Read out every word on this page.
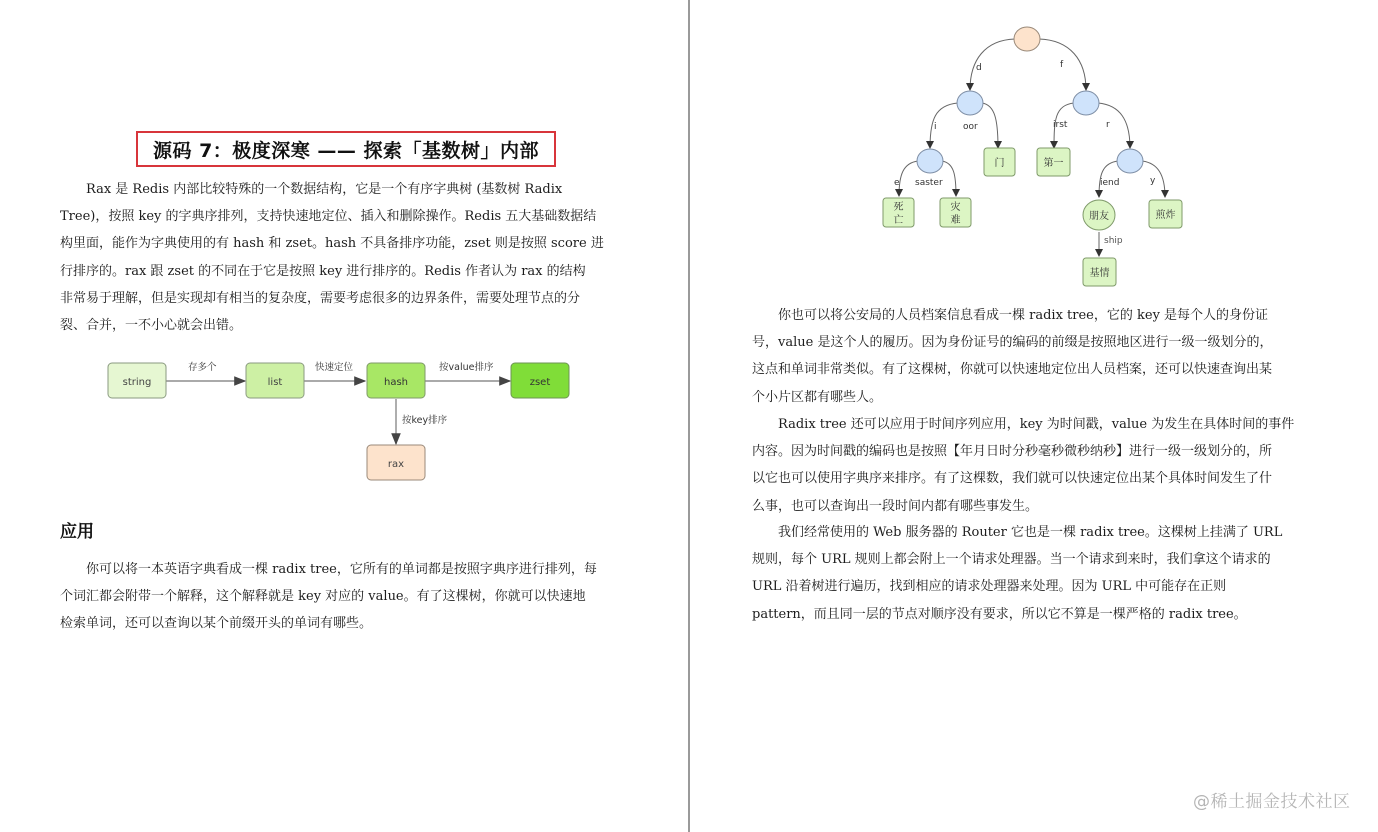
源码 7：极度深寒 —— 探索「基数树」内部
　　Rax 是 Redis 内部比较特殊的一个数据结构，它是一个有序字典树 (基数树 Radix
Tree)，按照 key 的字典序排列，支持快速地定位、插入和删除操作。Redis 五大基础数据结
构里面，能作为字典使用的有 hash 和 zset。hash 不具备排序功能，zset 则是按照 score 进
行排序的。rax 跟 zset 的不同在于它是按照 key 进行排序的。Redis 作者认为 rax 的结构
非常易于理解，但是实现却有相当的复杂度，需要考虑很多的边界条件，需要处理节点的分
裂、合并，一不小心就会出错。
存多个	快速定位	按value排序
按key排序
string	list	hash	zset
rax
应用
　　你可以将一本英语字典看成一棵 radix tree，它所有的单词都是按照字典序进行排列，每
个词汇都会附带一个解释，这个解释就是 key 对应的 value。有了这棵树，你就可以快速地
检索单词，还可以查询以某个前缀开头的单词有哪些。
d	f
i	oor	irst	r
e saster	iend	y
ship
门	第一
死
亡
灾
难	朋友	煎炸
基情
　　你也可以将公安局的人员档案信息看成一棵 radix tree，它的 key 是每个人的身份证
号，value 是这个人的履历。因为身份证号的编码的前缀是按照地区进行一级一级划分的，
这点和单词非常类似。有了这棵树，你就可以快速地定位出人员档案，还可以快速查询出某
个小片区都有哪些人。
　　Radix tree 还可以应用于时间序列应用，key 为时间戳，value 为发生在具体时间的事件
内容。因为时间戳的编码也是按照【年月日时分秒毫秒微秒纳秒】进行一级一级划分的，所
以它也可以使用字典序来排序。有了这棵数，我们就可以快速定位出某个具体时间发生了什
么事，也可以查询出一段时间内都有哪些事发生。
　　我们经常使用的 Web 服务器的 Router 它也是一棵 radix tree。这棵树上挂满了 URL
规则，每个 URL 规则上都会附上一个请求处理器。当一个请求到来时，我们拿这个请求的
URL 沿着树进行遍历，找到相应的请求处理器来处理。因为 URL 中可能存在正则
pattern，而且同一层的节点对顺序没有要求，所以它不算是一棵严格的 radix tree。
@稀土掘金技术社区
